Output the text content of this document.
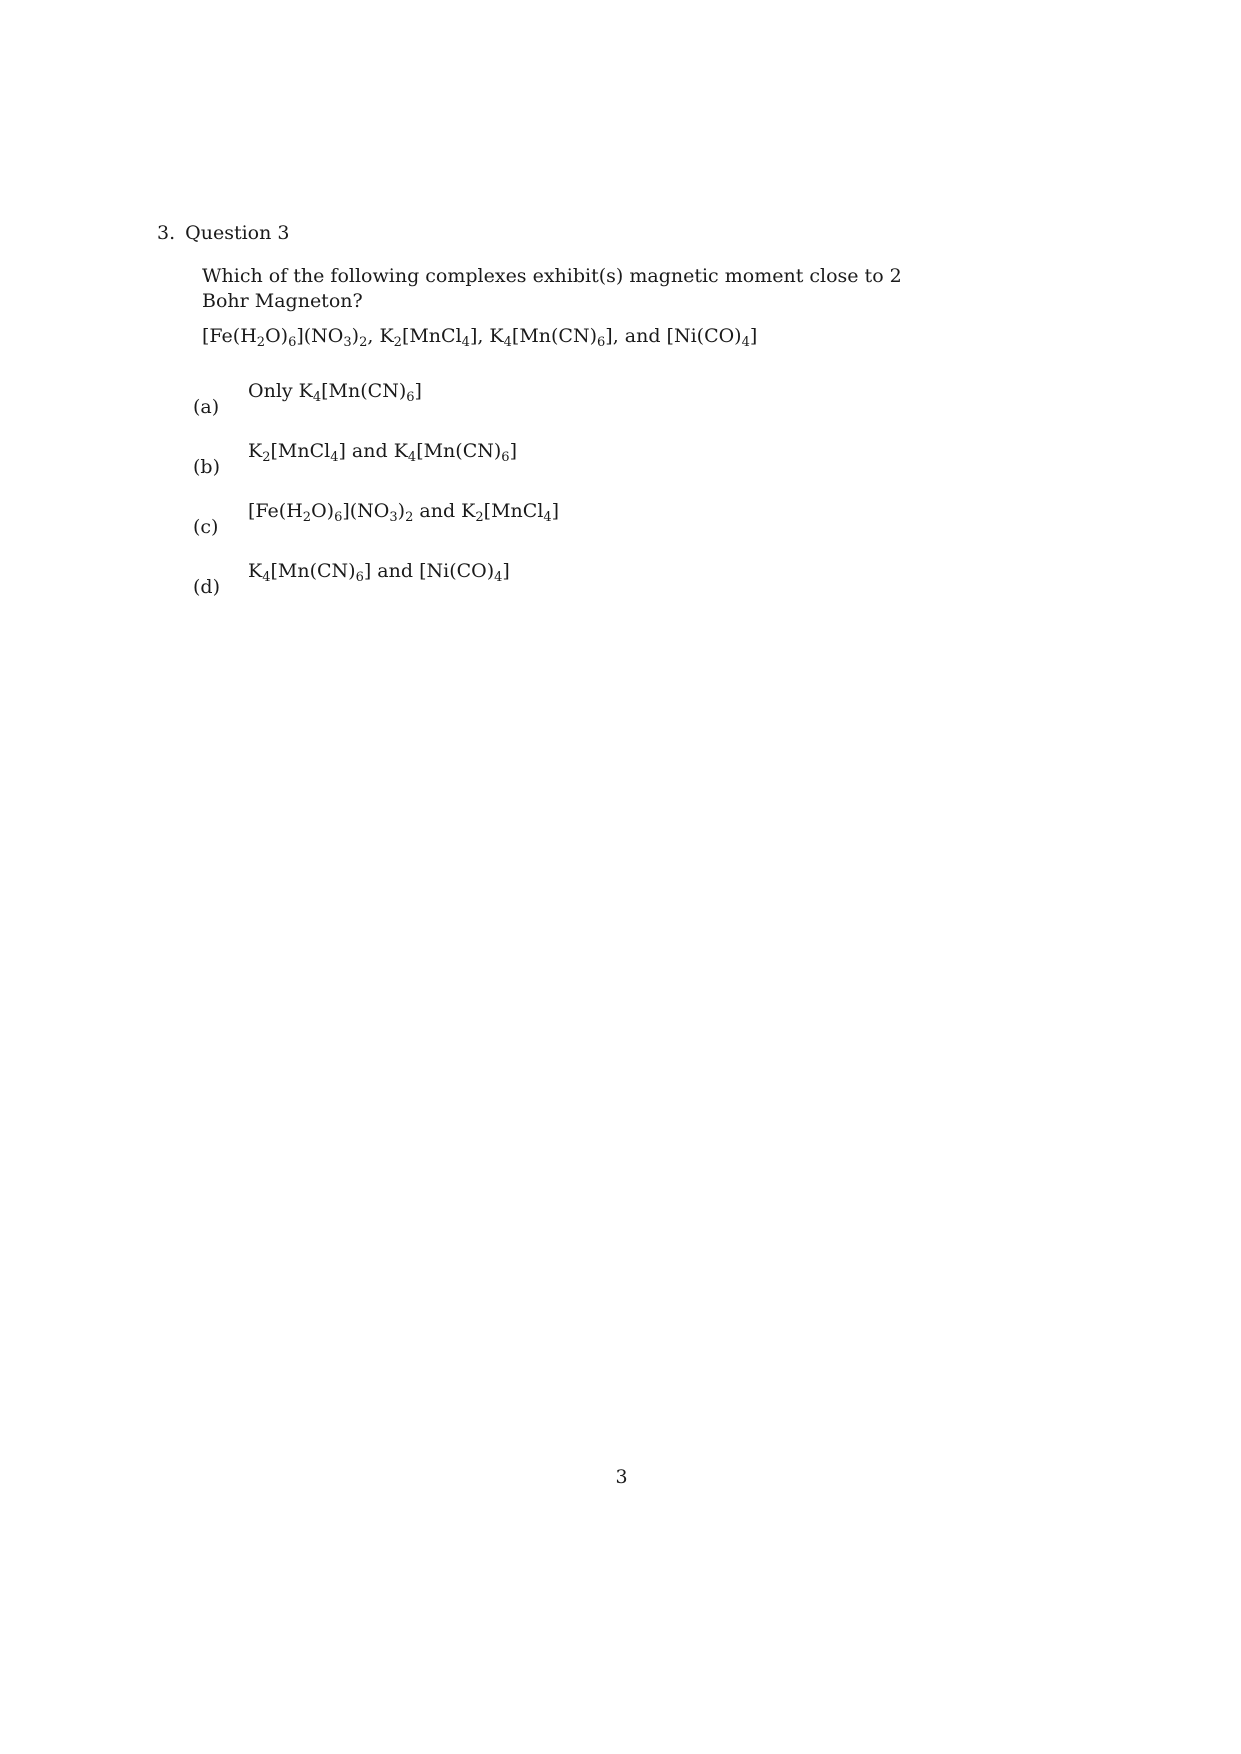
3. Question 3
Which of the following complexes exhibit(s) magnetic moment close to 2
Bohr Magneton?
$[Fe(H_2O)_6](NO_3)_2$, $K_2[MnCl_4]$, $K_4[Mn(CN)_6]$, and $[Ni(CO)_4]$
(a)
Only $K_4[Mn(CN)_6]$
(b)
$K_2[MnCl_4]$ and $K_4[Mn(CN)_6]$
(c)
$[Fe(H_2O)_6](NO_3)_2$ and $K_2[MnCl_4]$
(d)
$K_4[Mn(CN)_6]$ and $[Ni(CO)_4]$
3
